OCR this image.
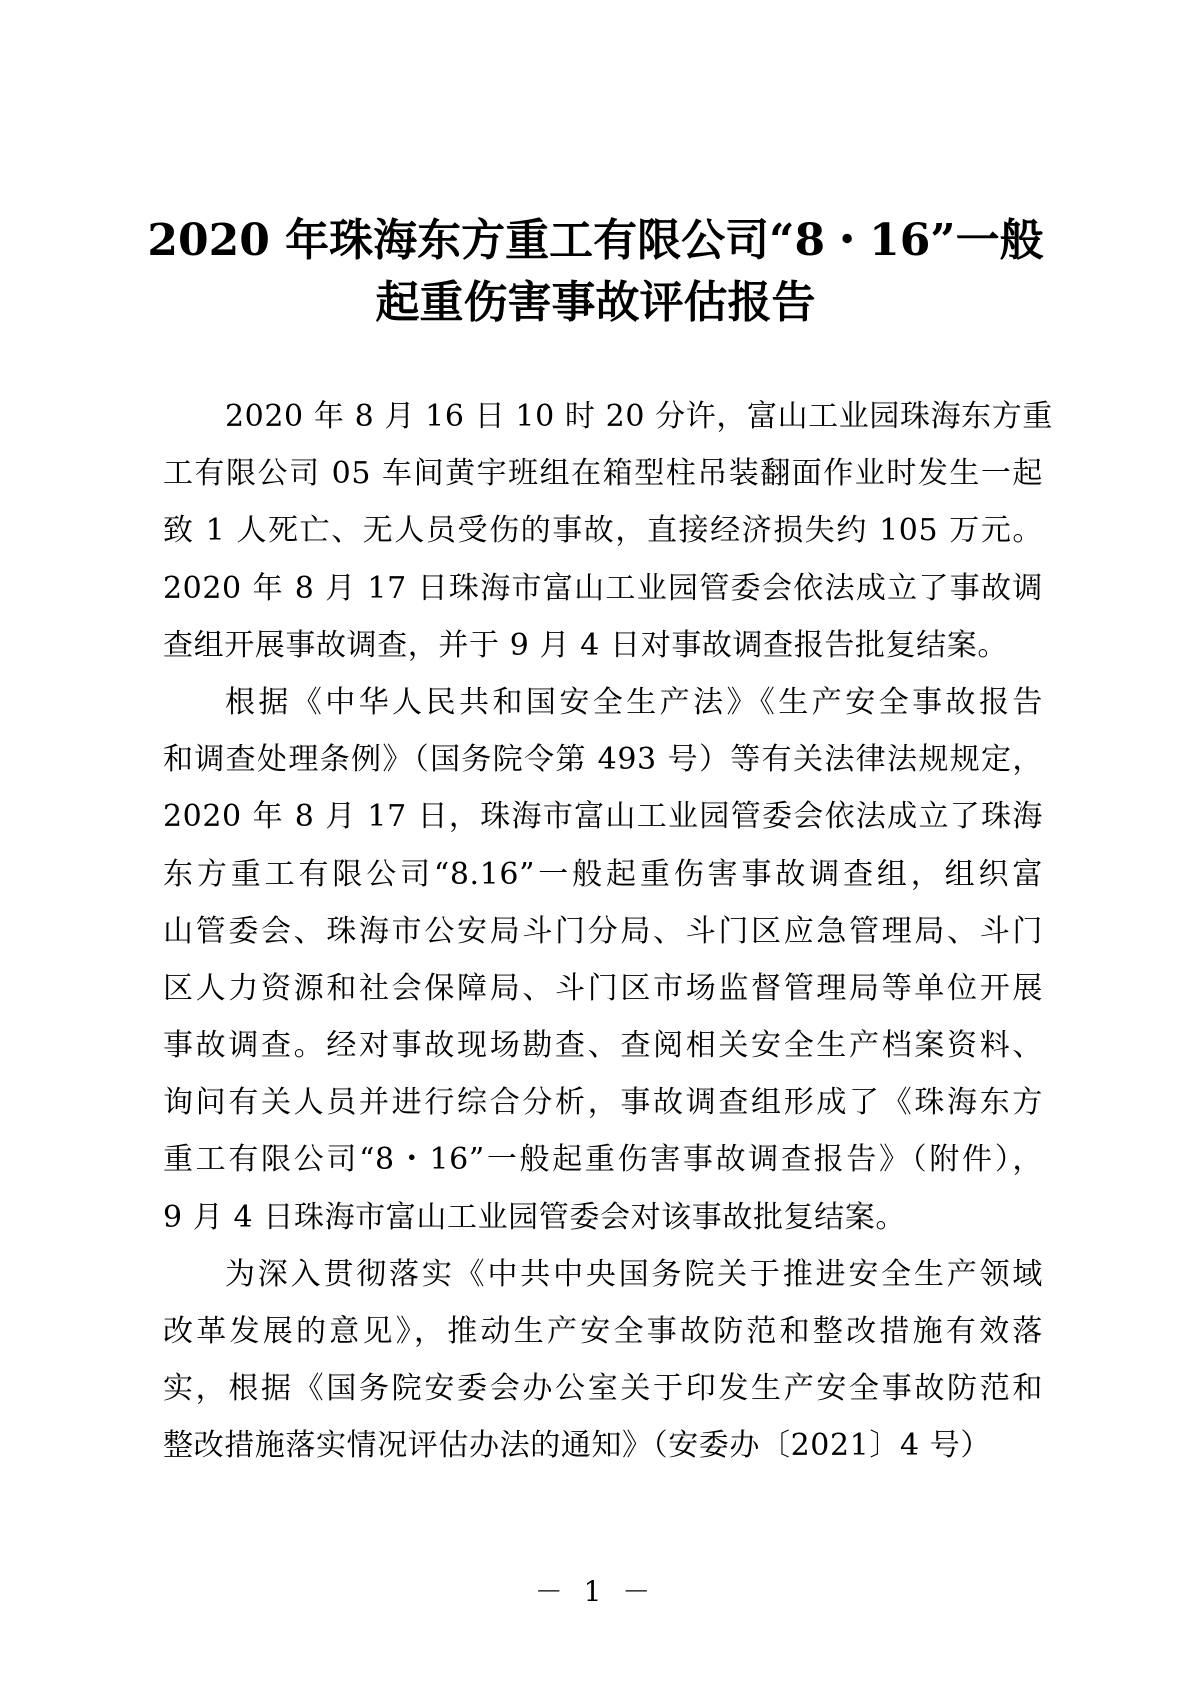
2020 年珠海东方重工有限公司“8・16”一般
起重伤害事故评估报告
2020 年 8 月 16 日 10 时 20 分许，富山工业园珠海东方重
工有限公司 05 车间黄宇班组在箱型柱吊装翻面作业时发生一起
致 1 人死亡、无人员受伤的事故，直接经济损失约 105 万元。
2020 年 8 月 17 日珠海市富山工业园管委会依法成立了事故调
查组开展事故调查，并于 9 月 4 日对事故调查报告批复结案。
根据《中华人民共和国安全生产法》《生产安全事故报告
和调查处理条例》（国务院令第 493 号）等有关法律法规规定，
2020 年 8 月 17 日，珠海市富山工业园管委会依法成立了珠海
东方重工有限公司“8.16”一般起重伤害事故调查组，组织富
山管委会、珠海市公安局斗门分局、斗门区应急管理局、斗门
区人力资源和社会保障局、斗门区市场监督管理局等单位开展
事故调查。经对事故现场勘查、查阅相关安全生产档案资料、
询问有关人员并进行综合分析，事故调查组形成了《珠海东方
重工有限公司“8・16”一般起重伤害事故调查报告》（附件），
9 月 4 日珠海市富山工业园管委会对该事故批复结案。
为深入贯彻落实《中共中央国务院关于推进安全生产领域
改革发展的意见》，推动生产安全事故防范和整改措施有效落
实，根据《国务院安委会办公室关于印发生产安全事故防范和
整改措施落实情况评估办法的通知》（安委办〔2021〕4 号）
－ 1 －
